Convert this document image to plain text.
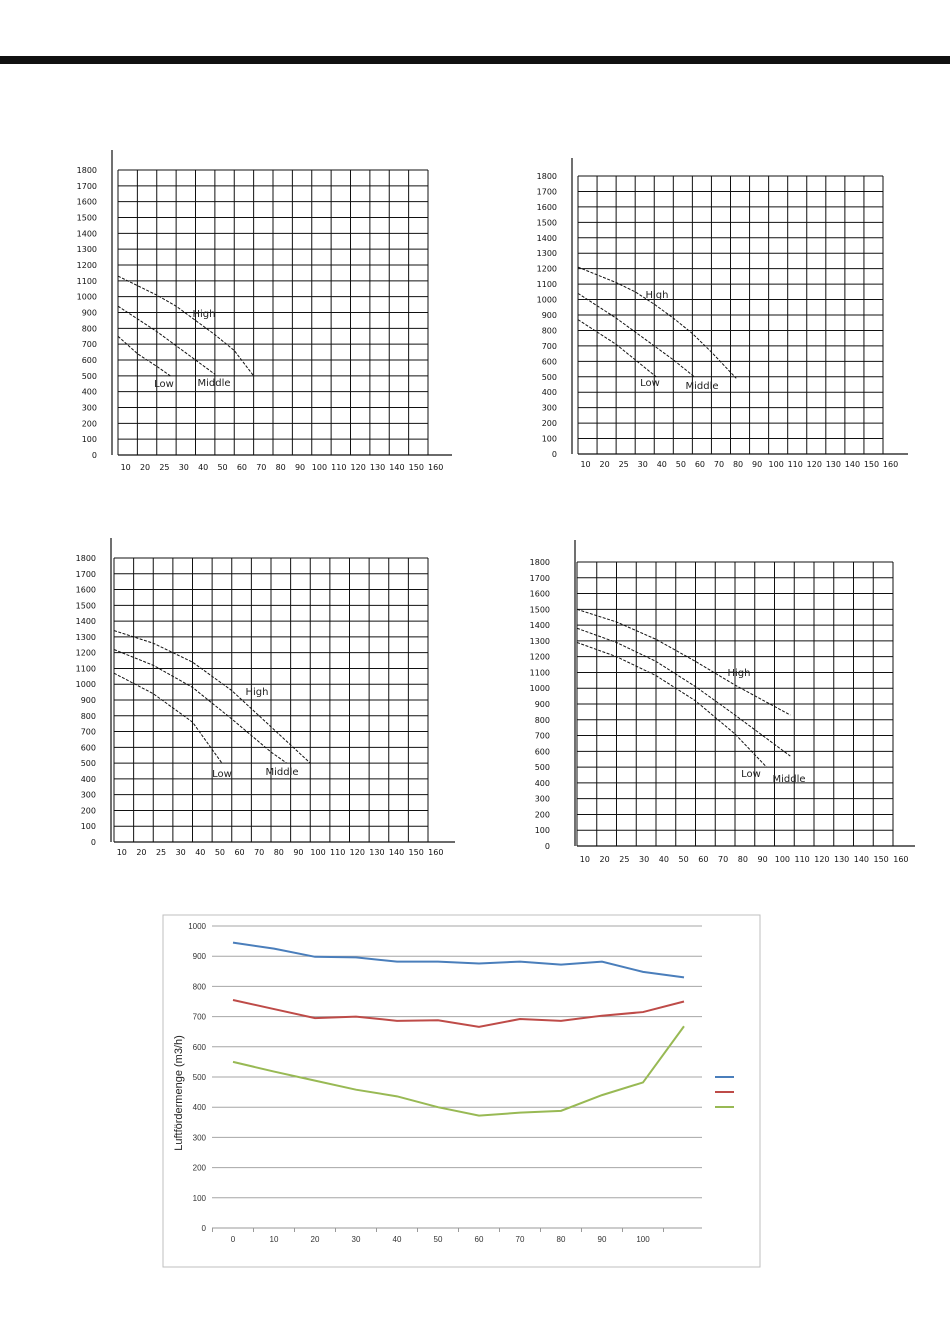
0
100
200
300
400
500
600
700
800
900
1000
1100
1200
1300
1400
1500
1600
1700
1800
10 20 25 30 40 50 60 70 80 90 100 110 120 130 140 150 160
High
Middle
Low
0
100
200
300
400
500
600
700
800
900
1000
1100
1200
1300
1400
1500
1600
1700
1800
10 20 25 30 40 50 60 70 80 90 100 110 120 130 140 150 160
High
Middle
Low
0
100
200
300
400
500
600
700
800
900
1000
1100
1200
1300
1400
1500
1600
1700
1800
10 20 25 30 40 50 60 70 80 90 100 110 120 130 140 150 160
High
Middle
Low
0
100
200
300
400
500
600
700
800
900
1000
1100
1200
1300
1400
1500
1600
1700
1800
10 20 25 30 40 50 60 70 80 90 100 110 120 130 140 150 160
High
Middle
Low
0
100
200
300
400
500
600
700
800
900
1000
0	10	20	30	40	50	60	70	80	90	100
Luftfördermenge (m3/h)
